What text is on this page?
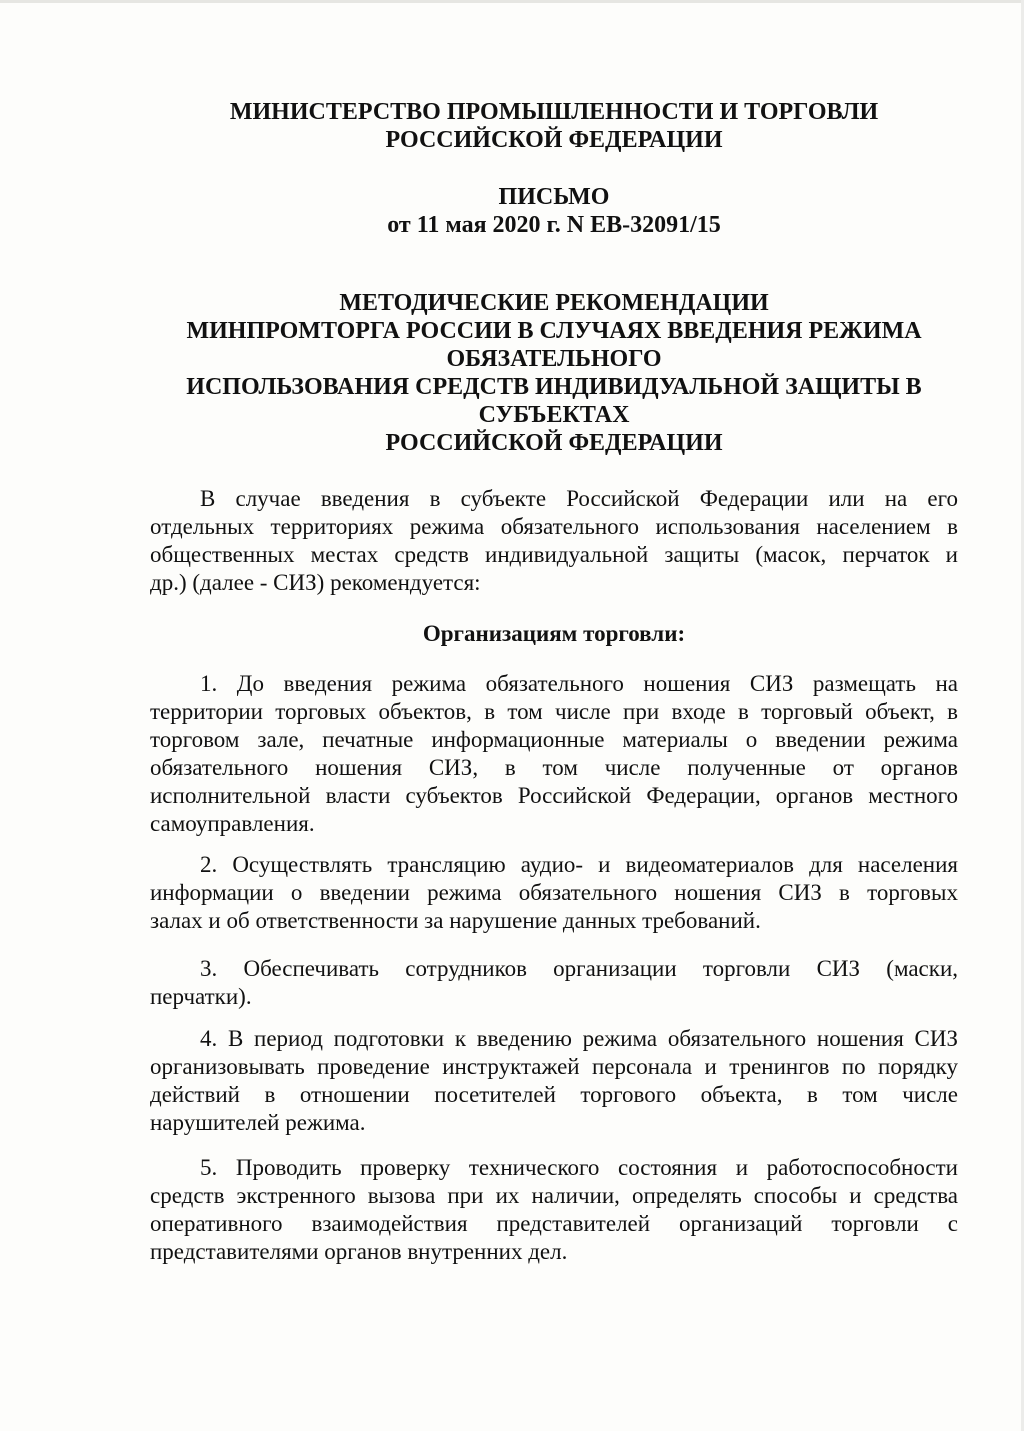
МИНИСТЕРСТВО ПРОМЫШЛЕННОСТИ И ТОРГОВЛИ
РОССИЙСКОЙ ФЕДЕРАЦИИ
ПИСЬМО
от 11 мая 2020 г. N ЕВ-32091/15
МЕТОДИЧЕСКИЕ РЕКОМЕНДАЦИИ
МИНПРОМТОРГА РОССИИ В СЛУЧАЯХ ВВЕДЕНИЯ РЕЖИМА
ОБЯЗАТЕЛЬНОГО
ИСПОЛЬЗОВАНИЯ СРЕДСТВ ИНДИВИДУАЛЬНОЙ ЗАЩИТЫ В
СУБЪЕКТАХ
РОССИЙСКОЙ ФЕДЕРАЦИИ
В случае введения в субъекте Российской Федерации или на его
отдельных территориях режима обязательного использования населением в
общественных местах средств индивидуальной защиты (масок, перчаток и
др.) (далее - СИЗ) рекомендуется:
Организациям торговли:
1. До введения режима обязательного ношения СИЗ размещать на
территории торговых объектов, в том числе при входе в торговый объект, в
торговом зале, печатные информационные материалы о введении режима
обязательного ношения СИЗ, в том числе полученные от органов
исполнительной власти субъектов Российской Федерации, органов местного
самоуправления.
2. Осуществлять трансляцию аудио- и видеоматериалов для населения
информации о введении режима обязательного ношения СИЗ в торговых
залах и об ответственности за нарушение данных требований.
3. Обеспечивать сотрудников организации торговли СИЗ (маски,
перчатки).
4. В период подготовки к введению режима обязательного ношения СИЗ
организовывать проведение инструктажей персонала и тренингов по порядку
действий в отношении посетителей торгового объекта, в том числе
нарушителей режима.
5. Проводить проверку технического состояния и работоспособности
средств экстренного вызова при их наличии, определять способы и средства
оперативного взаимодействия представителей организаций торговли с
представителями органов внутренних дел.
